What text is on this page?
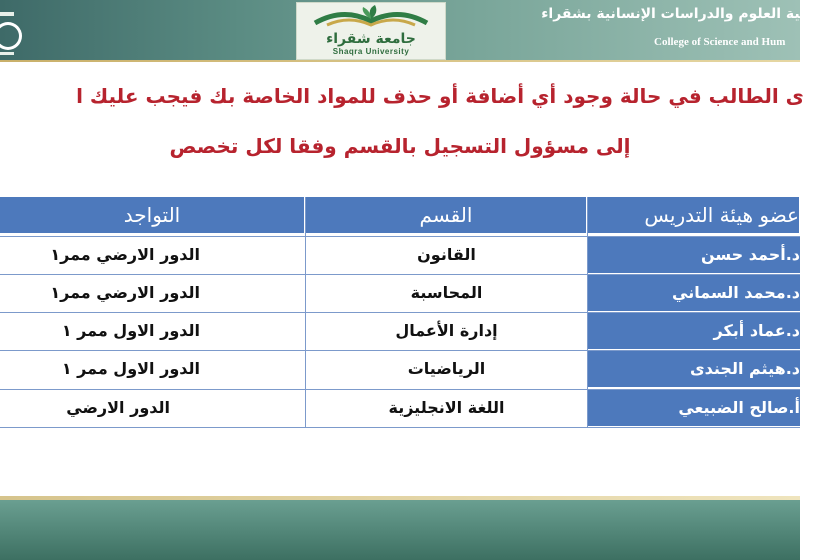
جامعة شقراء
Shaqra University
كلية العلوم والدراسات الإنسانية بشقراء
College of Science and Hum
ى الطالب في حالة وجود أي أضافة أو حذف للمواد الخاصة بك فيجب عليك ا
إلى مسؤول التسجيل بالقسم وفقا لكل تخصص
التواجد	القسم	عضو هيئة التدريس
الدور الارضي ممر١	القانون	د.أحمد حسن
الدور الارضي ممر١	المحاسبة	د.محمد السماني
الدور الاول ممر ١	إدارة الأعمال	د.عماد أبكر
الدور الاول ممر ١	الرياضيات	د.هيثم الجندى
الدور الارضي	اللغة الانجليزية	أ.صالح الضبيعي
